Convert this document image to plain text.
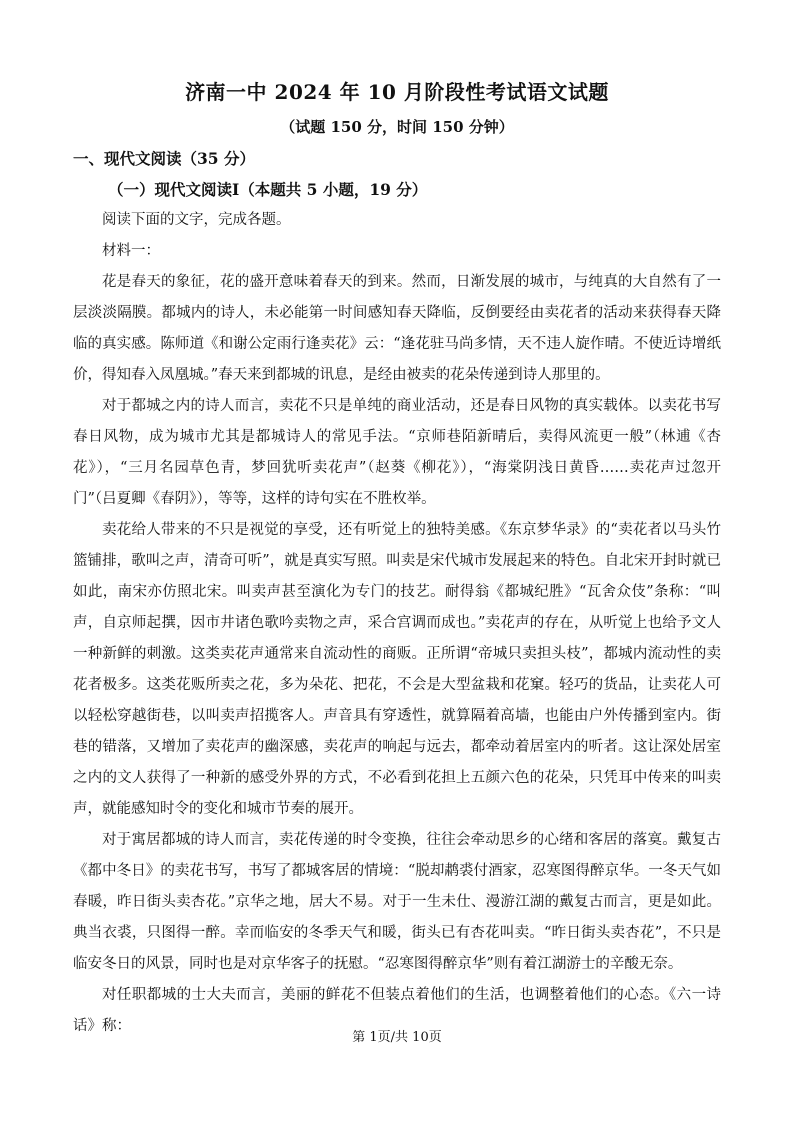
济南一中 2024 年 10 月阶段性考试语文试题
（试题 150 分，时间 150 分钟）
一、现代文阅读（35 分）
（一）现代文阅读Ⅰ（本题共 5 小题，19 分）

阅读下面的文字，完成各题。

材料一：

花是春天的象征，花的盛开意味着春天的到来。然而，日渐发展的城市，与纯真的大自然有了一层淡淡隔膜。都城内的诗人，未必能第一时间感知春天降临，反倒要经由卖花者的活动来获得春天降临的真实感。陈师道《和谢公定雨行逢卖花》云：“逢花驻马尚多情，天不违人旋作晴。不使近诗增纸价，得知春入凤凰城。”春天来到都城的讯息，是经由被卖的花朵传递到诗人那里的。

对于都城之内的诗人而言，卖花不只是单纯的商业活动，还是春日风物的真实载体。以卖花书写春日风物，成为城市尤其是都城诗人的常见手法。“京师巷陌新晴后，卖得风流更一般”（林逋《杏花》），“三月名园草色青，梦回犹听卖花声”（赵葵《柳花》），“海棠阴浅日黄昏……卖花声过忽开门”（吕夏卿《春阴》），等等，这样的诗句实在不胜枚举。

卖花给人带来的不只是视觉的享受，还有听觉上的独特美感。《东京梦华录》的“卖花者以马头竹篮铺排，歌叫之声，清奇可听”，就是真实写照。叫卖是宋代城市发展起来的特色。自北宋开封时就已如此，南宋亦仿照北宋。叫卖声甚至演化为专门的技艺。耐得翁《都城纪胜》“瓦舍众伎”条称：“叫声，自京师起撰，因市井诸色歌吟卖物之声，采合宫调而成也。”卖花声的存在，从听觉上也给予文人一种新鲜的刺激。这类卖花声通常来自流动性的商贩。正所谓“帝城只卖担头枝”，都城内流动性的卖花者极多。这类花贩所卖之花，多为朵花、把花，不会是大型盆栽和花窠。轻巧的货品，让卖花人可以轻松穿越街巷，以叫卖声招揽客人。声音具有穿透性，就算隔着高墙，也能由户外传播到室内。街巷的错落，又增加了卖花声的幽深感，卖花声的响起与远去，都牵动着居室内的听者。这让深处居室之内的文人获得了一种新的感受外界的方式，不必看到花担上五颜六色的花朵，只凭耳中传来的叫卖声，就能感知时令的变化和城市节奏的展开。

对于寓居都城的诗人而言，卖花传递的时令变换，往往会牵动思乡的心绪和客居的落寞。戴复古《都中冬日》的卖花书写，书写了都城客居的情境：“脱却鹔裘付酒家，忍寒图得醉京华。一冬天气如春暖，昨日街头卖杏花。”京华之地，居大不易。对于一生未仕、漫游江湖的戴复古而言，更是如此。典当衣裘，只图得一醉。幸而临安的冬季天气和暖，街头已有杏花叫卖。“昨日街头卖杏花”，不只是临安冬日的风景，同时也是对京华客子的抚慰。“忍寒图得醉京华”则有着江湖游士的辛酸无奈。

对任职都城的士大夫而言，美丽的鲜花不但装点着他们的生活，也调整着他们的心态。《六一诗话》称：

第 1页/共 10页
